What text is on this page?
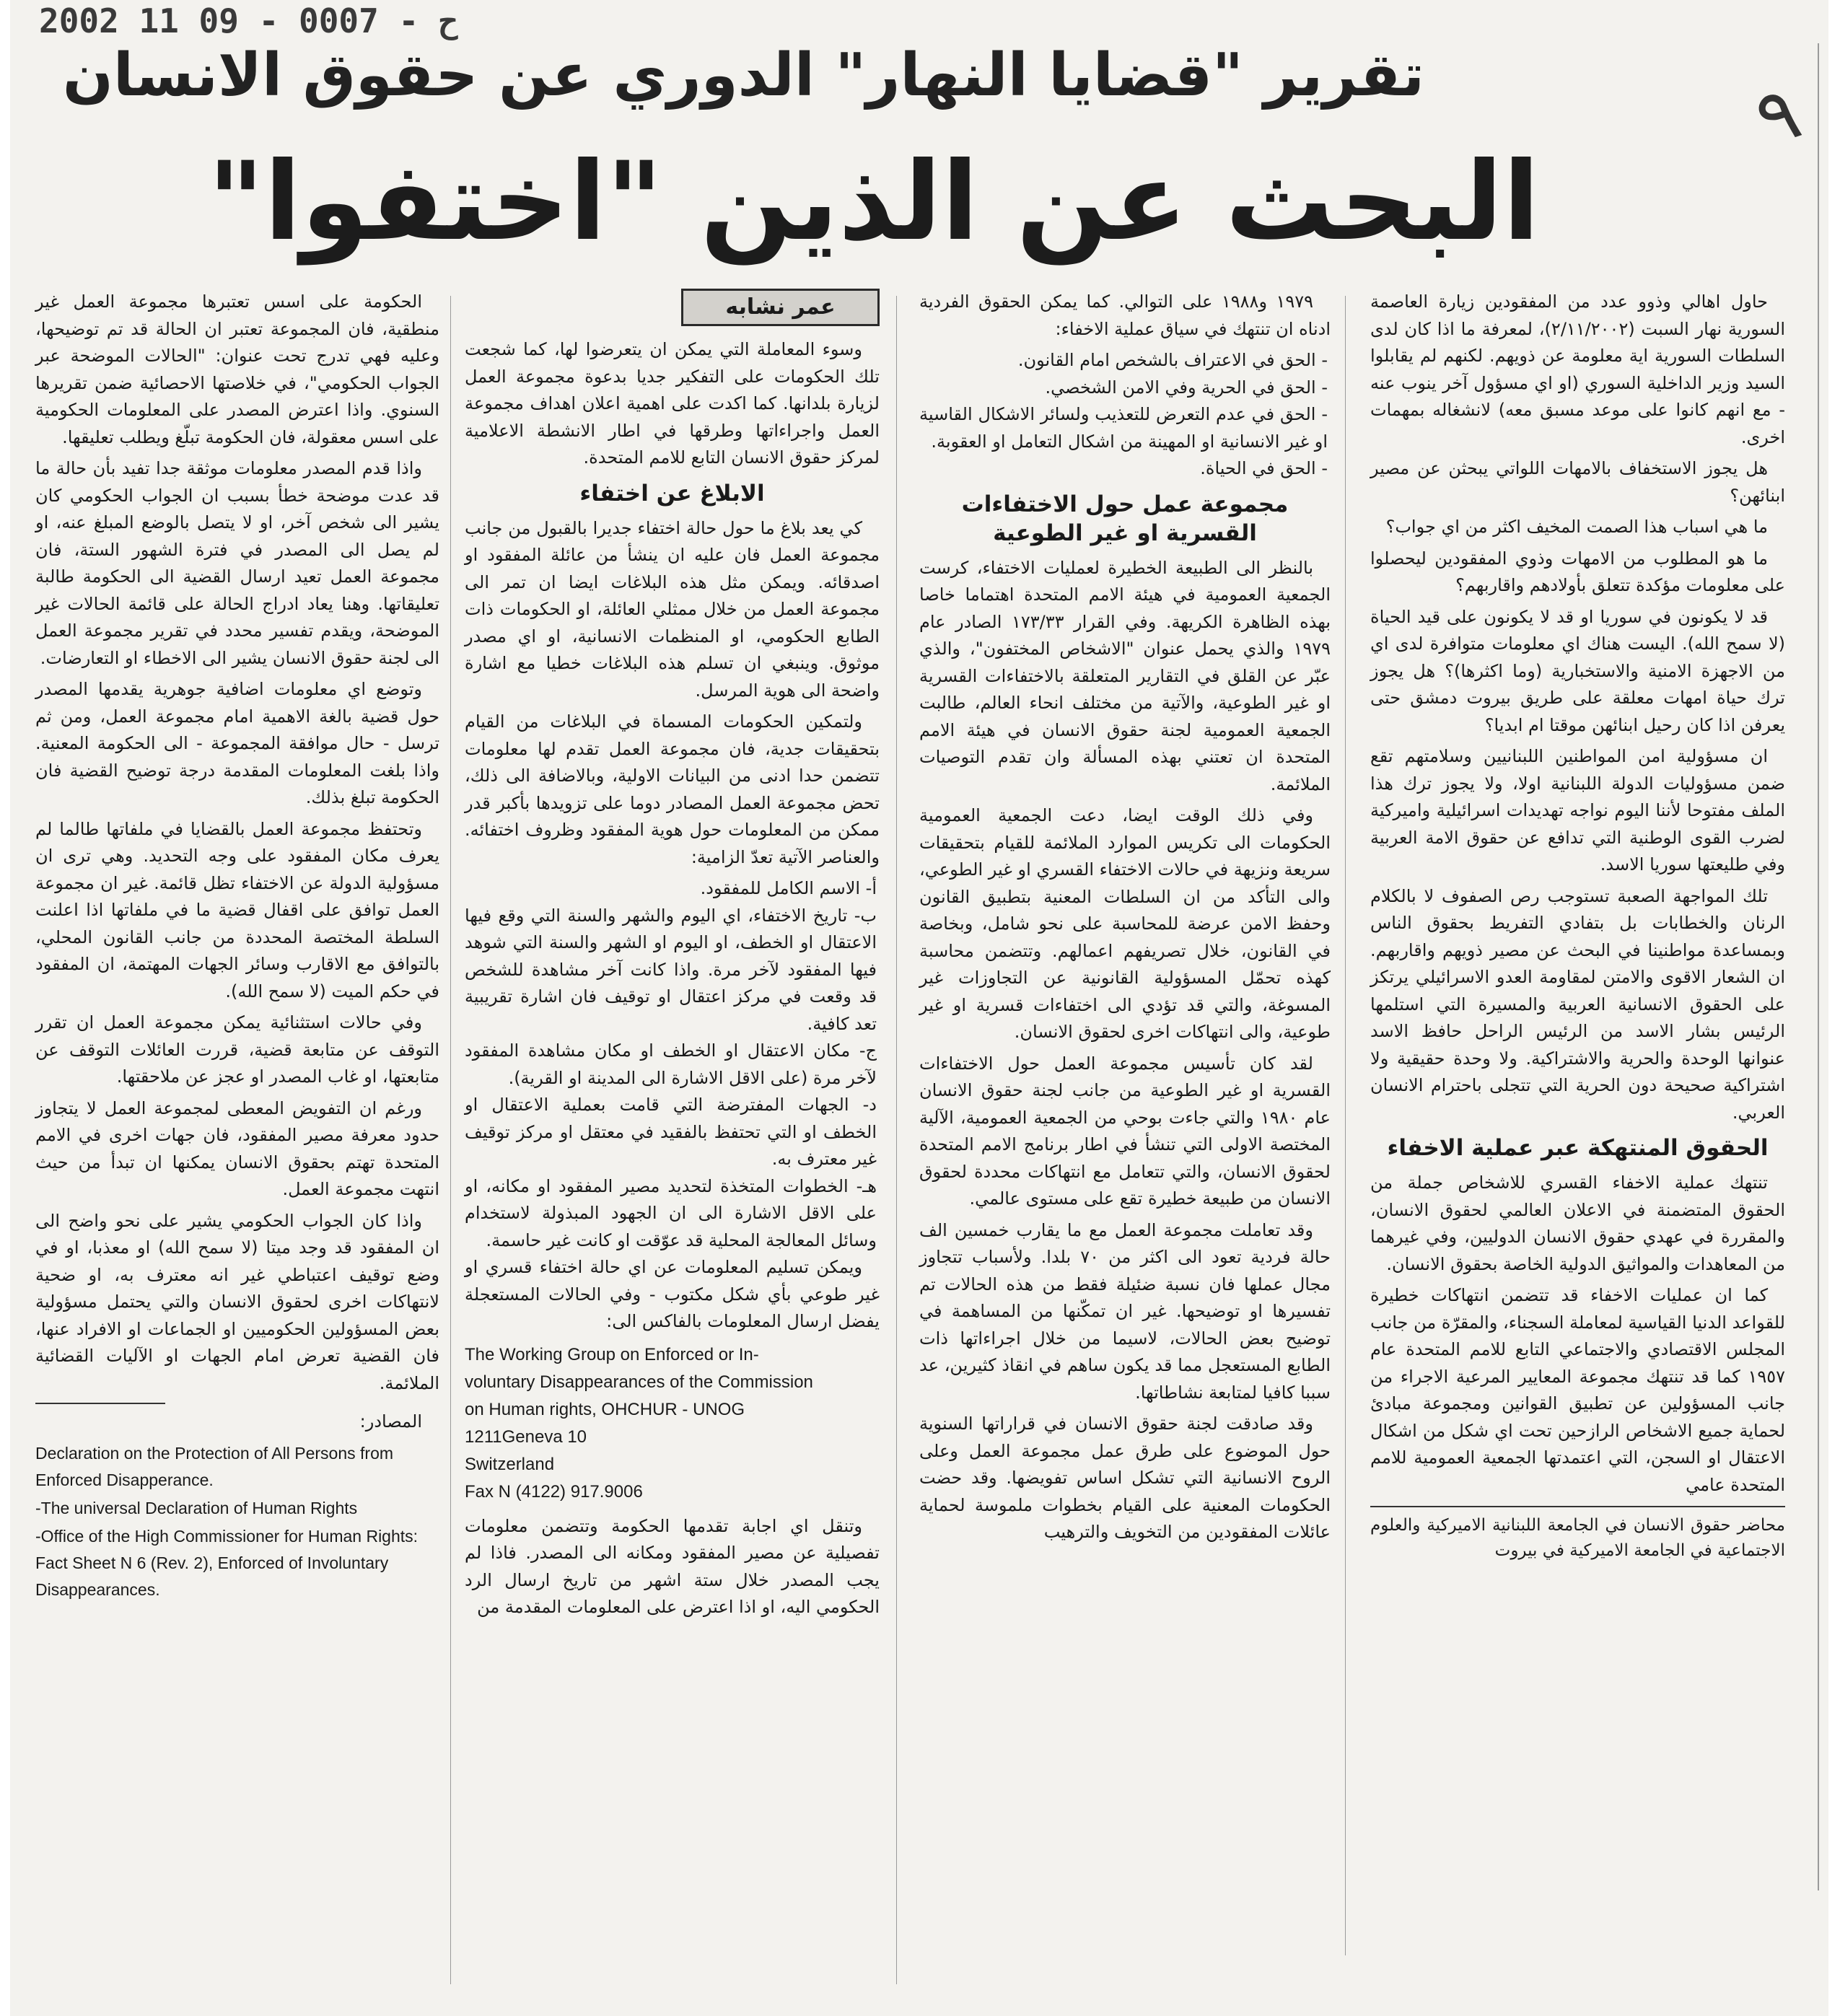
2002 11 09 - 0007 - ح
٩
تقرير "قضايا النهار" الدوري عن حقوق الانسان
البحث عن الذين "اختفوا"

حاول اهالي وذوو عدد من المفقودين زيارة العاصمة السورية نهار السبت (٢/١١/٢٠٠٢)، لمعرفة ما اذا كان لدى السلطات السورية اية معلومة عن ذويهم. لكنهم لم يقابلوا السيد وزير الداخلية السوري (او اي مسؤول آخر ينوب عنه - مع انهم كانوا على موعد مسبق معه) لانشغاله بمهمات اخرى.

هل يجوز الاستخفاف بالامهات اللواتي يبحثن عن مصير ابنائهن؟

ما هي اسباب هذا الصمت المخيف اكثر من اي جواب؟

ما هو المطلوب من الامهات وذوي المفقودين ليحصلوا على معلومات مؤكدة تتعلق بأولادهم واقاربهم؟

قد لا يكونون في سوريا او قد لا يكونون على قيد الحياة (لا سمح الله). اليست هناك اي معلومات متوافرة لدى اي من الاجهزة الامنية والاستخبارية (وما اكثرها)؟ هل يجوز ترك حياة امهات معلقة على طريق بيروت دمشق حتى يعرفن اذا كان رحيل ابنائهن موقتا ام ابديا؟

ان مسؤولية امن المواطنين اللبنانيين وسلامتهم تقع ضمن مسؤوليات الدولة اللبنانية اولا، ولا يجوز ترك هذا الملف مفتوحا لأننا اليوم نواجه تهديدات اسرائيلية واميركية لضرب القوى الوطنية التي تدافع عن حقوق الامة العربية وفي طليعتها سوريا الاسد.

تلك المواجهة الصعبة تستوجب رص الصفوف لا بالكلام الرنان والخطابات بل بتفادي التفريط بحقوق الناس وبمساعدة مواطنينا في البحث عن مصير ذويهم واقاربهم. ان الشعار الاقوى والامتن لمقاومة العدو الاسرائيلي يرتكز على الحقوق الانسانية العربية والمسيرة التي استلمها الرئيس بشار الاسد من الرئيس الراحل حافظ الاسد عنوانها الوحدة والحرية والاشتراكية. ولا وحدة حقيقية ولا اشتراكية صحيحة دون الحرية التي تتجلى باحترام الانسان العربي.

الحقوق المنتهكة عبر عملية الاخفاء

تنتهك عملية الاخفاء القسري للاشخاص جملة من الحقوق المتضمنة في الاعلان العالمي لحقوق الانسان، والمقررة في عهدي حقوق الانسان الدوليين، وفي غيرهما من المعاهدات والمواثيق الدولية الخاصة بحقوق الانسان.

كما ان عمليات الاخفاء قد تتضمن انتهاكات خطيرة للقواعد الدنيا القياسية لمعاملة السجناء، والمقرّة من جانب المجلس الاقتصادي والاجتماعي التابع للامم المتحدة عام ١٩٥٧ كما قد تنتهك مجموعة المعايير المرعية الاجراء من جانب المسؤولين عن تطبيق القوانين ومجموعة مبادئ لحماية جميع الاشخاص الرازحين تحت اي شكل من اشكال الاعتقال او السجن، التي اعتمدتها الجمعية العمومية للامم المتحدة عامي

محاضر حقوق الانسان في الجامعة اللبنانية الاميركية والعلوم الاجتماعية في الجامعة الاميركية في بيروت

١٩٧٩ و١٩٨٨ على التوالي. كما يمكن الحقوق الفردية ادناه ان تنتهك في سياق عملية الاخفاء:

- الحق في الاعتراف بالشخص امام القانون.

- الحق في الحرية وفي الامن الشخصي.

- الحق في عدم التعرض للتعذيب ولسائر الاشكال القاسية او غير الانسانية او المهينة من اشكال التعامل او العقوبة.

- الحق في الحياة.

مجموعة عمل حول الاختفاءات القسرية او غير الطوعية

بالنظر الى الطبيعة الخطيرة لعمليات الاختفاء، كرست الجمعية العمومية في هيئة الامم المتحدة اهتماما خاصا بهذه الظاهرة الكريهة. وفي القرار ١٧٣/٣٣ الصادر عام ١٩٧٩ والذي يحمل عنوان "الاشخاص المختفون"، والذي عبّر عن القلق في التقارير المتعلقة بالاختفاءات القسرية او غير الطوعية، والآتية من مختلف انحاء العالم، طالبت الجمعية العمومية لجنة حقوق الانسان في هيئة الامم المتحدة ان تعتني بهذه المسألة وان تقدم التوصيات الملائمة.

وفي ذلك الوقت ايضا، دعت الجمعية العمومية الحكومات الى تكريس الموارد الملائمة للقيام بتحقيقات سريعة ونزيهة في حالات الاختفاء القسري او غير الطوعي، والى التأكد من ان السلطات المعنية بتطبيق القانون وحفظ الامن عرضة للمحاسبة على نحو شامل، وبخاصة في القانون، خلال تصريفهم اعمالهم. وتتضمن محاسبة كهذه تحمّل المسؤولية القانونية عن التجاوزات غير المسوغة، والتي قد تؤدي الى اختفاءات قسرية او غير طوعية، والى انتهاكات اخرى لحقوق الانسان.

لقد كان تأسيس مجموعة العمل حول الاختفاءات القسرية او غير الطوعية من جانب لجنة حقوق الانسان عام ١٩٨٠ والتي جاءت بوحي من الجمعية العمومية، الآلية المختصة الاولى التي تنشأ في اطار برنامج الامم المتحدة لحقوق الانسان، والتي تتعامل مع انتهاكات محددة لحقوق الانسان من طبيعة خطيرة تقع على مستوى عالمي.

وقد تعاملت مجموعة العمل مع ما يقارب خمسين الف حالة فردية تعود الى اكثر من ٧٠ بلدا. ولأسباب تتجاوز مجال عملها فان نسبة ضئيلة فقط من هذه الحالات تم تفسيرها او توضيحها. غير ان تمكّنها من المساهمة في توضيح بعض الحالات، لاسيما من خلال اجراءاتها ذات الطابع المستعجل مما قد يكون ساهم في انقاذ كثيرين، عد سببا كافيا لمتابعة نشاطاتها.

وقد صادقت لجنة حقوق الانسان في قراراتها السنوية حول الموضوع على طرق عمل مجموعة العمل وعلى الروح الانسانية التي تشكل اساس تفويضها. وقد حضت الحكومات المعنية على القيام بخطوات ملموسة لحماية عائلات المفقودين من التخويف والترهيب

عمر نشابه

وسوء المعاملة التي يمكن ان يتعرضوا لها، كما شجعت تلك الحكومات على التفكير جديا بدعوة مجموعة العمل لزيارة بلدانها. كما اكدت على اهمية اعلان اهداف مجموعة العمل واجراءاتها وطرقها في اطار الانشطة الاعلامية لمركز حقوق الانسان التابع للامم المتحدة.

الابلاغ عن اختفاء

كي يعد بلاغ ما حول حالة اختفاء جديرا بالقبول من جانب مجموعة العمل فان عليه ان ينشأ من عائلة المفقود او اصدقائه. ويمكن مثل هذه البلاغات ايضا ان تمر الى مجموعة العمل من خلال ممثلي العائلة، او الحكومات ذات الطابع الحكومي، او المنظمات الانسانية، او اي مصدر موثوق. وينبغي ان تسلم هذه البلاغات خطيا مع اشارة واضحة الى هوية المرسل.

ولتمكين الحكومات المسماة في البلاغات من القيام بتحقيقات جدية، فان مجموعة العمل تقدم لها معلومات تتضمن حدا ادنى من البيانات الاولية، وبالاضافة الى ذلك، تحض مجموعة العمل المصادر دوما على تزويدها بأكبر قدر ممكن من المعلومات حول هوية المفقود وظروف اختفائه. والعناصر الآتية تعدّ الزامية:

أ- الاسم الكامل للمفقود.

ب- تاريخ الاختفاء، اي اليوم والشهر والسنة التي وقع فيها الاعتقال او الخطف، او اليوم او الشهر والسنة التي شوهد فيها المفقود لآخر مرة. واذا كانت آخر مشاهدة للشخص قد وقعت في مركز اعتقال او توقيف فان اشارة تقريبية تعد كافية.

ج- مكان الاعتقال او الخطف او مكان مشاهدة المفقود لآخر مرة (على الاقل الاشارة الى المدينة او القرية).

د- الجهات المفترضة التي قامت بعملية الاعتقال او الخطف او التي تحتفظ بالفقيد في معتقل او مركز توقيف غير معترف به.

هـ- الخطوات المتخذة لتحديد مصير المفقود او مكانه، او على الاقل الاشارة الى ان الجهود المبذولة لاستخدام وسائل المعالجة المحلية قد عوّقت او كانت غير حاسمة.

ويمكن تسليم المعلومات عن اي حالة اختفاء قسري او غير طوعي بأي شكل مكتوب - وفي الحالات المستعجلة يفضل ارسال المعلومات بالفاكس الى:

The Working Group on Enforced or In-
voluntary Disappearances of the Commission
on Human rights, OHCHUR - UNOG
1211Geneva 10
Switzerland
Fax N (4122) 917.9006

وتنقل اي اجابة تقدمها الحكومة وتتضمن معلومات تفصيلية عن مصير المفقود ومكانه الى المصدر. فاذا لم يجب المصدر خلال ستة اشهر من تاريخ ارسال الرد الحكومي اليه، او اذا اعترض على المعلومات المقدمة من

الحكومة على اسس تعتبرها مجموعة العمل غير منطقية، فان المجموعة تعتبر ان الحالة قد تم توضيحها، وعليه فهي تدرج تحت عنوان: "الحالات الموضحة عبر الجواب الحكومي"، في خلاصتها الاحصائية ضمن تقريرها السنوي. واذا اعترض المصدر على المعلومات الحكومية على اسس معقولة، فان الحكومة تبلّغ ويطلب تعليقها.

واذا قدم المصدر معلومات موثقة جدا تفيد بأن حالة ما قد عدت موضحة خطأ بسبب ان الجواب الحكومي كان يشير الى شخص آخر، او لا يتصل بالوضع المبلغ عنه، او لم يصل الى المصدر في فترة الشهور الستة، فان مجموعة العمل تعيد ارسال القضية الى الحكومة طالبة تعليقاتها. وهنا يعاد ادراج الحالة على قائمة الحالات غير الموضحة، ويقدم تفسير محدد في تقرير مجموعة العمل الى لجنة حقوق الانسان يشير الى الاخطاء او التعارضات.

وتوضع اي معلومات اضافية جوهرية يقدمها المصدر حول قضية بالغة الاهمية امام مجموعة العمل، ومن ثم ترسل - حال موافقة المجموعة - الى الحكومة المعنية. واذا بلغت المعلومات المقدمة درجة توضيح القضية فان الحكومة تبلغ بذلك.

وتحتفظ مجموعة العمل بالقضايا في ملفاتها طالما لم يعرف مكان المفقود على وجه التحديد. وهي ترى ان مسؤولية الدولة عن الاختفاء تظل قائمة. غير ان مجموعة العمل توافق على اقفال قضية ما في ملفاتها اذا اعلنت السلطة المختصة المحددة من جانب القانون المحلي، بالتوافق مع الاقارب وسائر الجهات المهتمة، ان المفقود في حكم الميت (لا سمح الله).

وفي حالات استثنائية يمكن مجموعة العمل ان تقرر التوقف عن متابعة قضية، قررت العائلات التوقف عن متابعتها، او غاب المصدر او عجز عن ملاحقتها.

ورغم ان التفويض المعطى لمجموعة العمل لا يتجاوز حدود معرفة مصير المفقود، فان جهات اخرى في الامم المتحدة تهتم بحقوق الانسان يمكنها ان تبدأ من حيث انتهت مجموعة العمل.

واذا كان الجواب الحكومي يشير على نحو واضح الى ان المفقود قد وجد ميتا (لا سمح الله) او معذبا، او في وضع توقيف اعتباطي غير انه معترف به، او ضحية لانتهاكات اخرى لحقوق الانسان والتي يحتمل مسؤولية بعض المسؤولين الحكوميين او الجماعات او الافراد عنها، فان القضية تعرض امام الجهات او الآليات القضائية الملائمة.

المصادر:

Declaration on the Protection of All Persons from Enforced Disapperance.
-The universal Declaration of Human Rights
-Office of the High Commissioner for Human Rights: Fact Sheet N 6 (Rev. 2), Enforced of Involuntary Disappearances.
